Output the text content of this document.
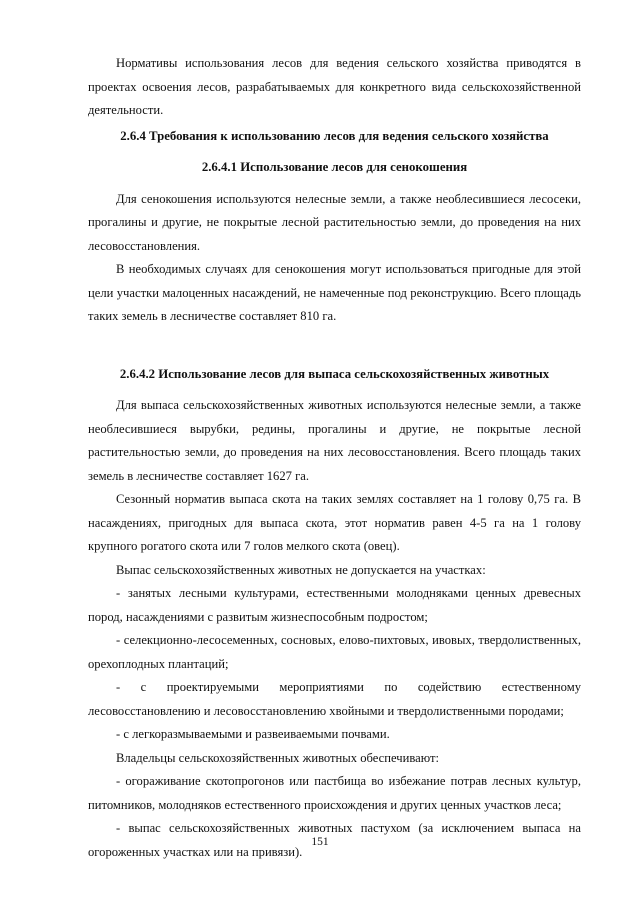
Нормативы использования лесов для ведения сельского хозяйства приводятся в проектах освоения лесов, разрабатываемых для конкретного вида сельскохозяйственной деятельности.

2.6.4 Требования к использованию лесов для ведения сельского хозяйства
2.6.4.1 Использование лесов для сенокошения

Для сенокошения используются нелесные земли, а также необлесившиеся лесосеки, прогалины и другие, не покрытые лесной растительностью земли, до проведения на них лесовосстановления.

В необходимых случаях для сенокошения могут использоваться пригодные для этой цели участки малоценных насаждений, не намеченные под реконструкцию. Всего площадь таких земель в лесничестве составляет 810 га.

2.6.4.2 Использование лесов для выпаса сельскохозяйственных животных

Для выпаса сельскохозяйственных животных используются нелесные земли, а также необлесившиеся вырубки, редины, прогалины и другие, не покрытые лесной растительностью земли, до проведения на них лесовосстановления. Всего площадь таких земель в лесничестве составляет 1627 га.

Сезонный норматив выпаса скота на таких землях составляет на 1 голову 0,75 га. В насаждениях, пригодных для выпаса скота, этот норматив равен 4-5 га на 1 голову крупного рогатого скота или 7 голов мелкого скота (овец).

Выпас сельскохозяйственных животных не допускается на участках:

- занятых лесными культурами, естественными молодняками ценных древесных пород, насаждениями с развитым жизнеспособным подростом;

- селекционно-лесосеменных, сосновых, елово-пихтовых, ивовых, твердолиственных, орехоплодных плантаций;

- с проектируемыми мероприятиями по содействию естественному лесовосстановлению и лесовосстановлению хвойными и твердолиственными породами;

- с легкоразмываемыми и развеиваемыми почвами.

Владельцы сельскохозяйственных животных обеспечивают:

- огораживание скотопрогонов или пастбища во избежание потрав лесных культур, питомников, молодняков естественного происхождения и других ценных участков леса;

- выпас сельскохозяйственных животных пастухом (за исключением выпаса на огороженных участках или на привязи).

151
